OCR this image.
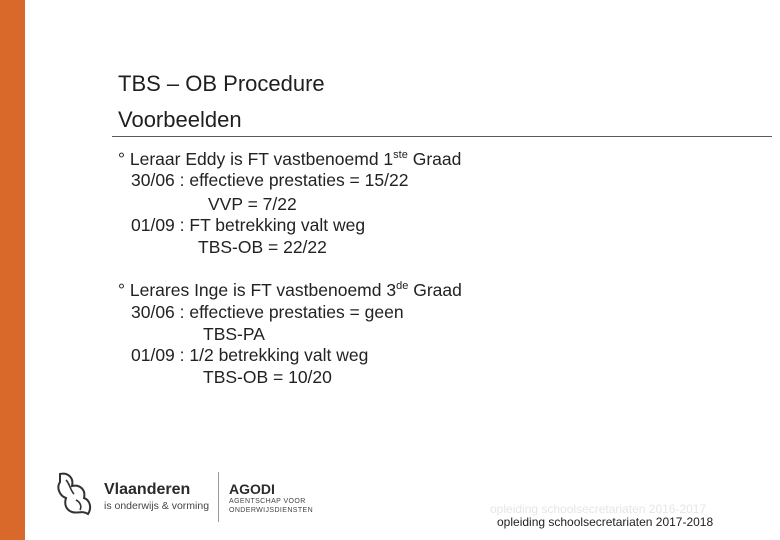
TBS – OB Procedure
Voorbeelden
° Leraar Eddy is FT vastbenoemd 1ste Graad
30/06 : effectieve prestaties = 15/22
VVP = 7/22
01/09 : FT betrekking valt weg
TBS-OB = 22/22
° Lerares Inge is FT vastbenoemd 3de Graad
30/06 : effectieve prestaties = geen
TBS-PA
01/09 : 1/2 betrekking valt weg
TBS-OB = 10/20
Vlaanderen
is onderwijs & vorming
AGODI
AGENTSCHAP VOOR
ONDERWIJSDIENSTEN	opleiding schoolsecretariaten 2016-2017
opleiding schoolsecretariaten 2017-2018
